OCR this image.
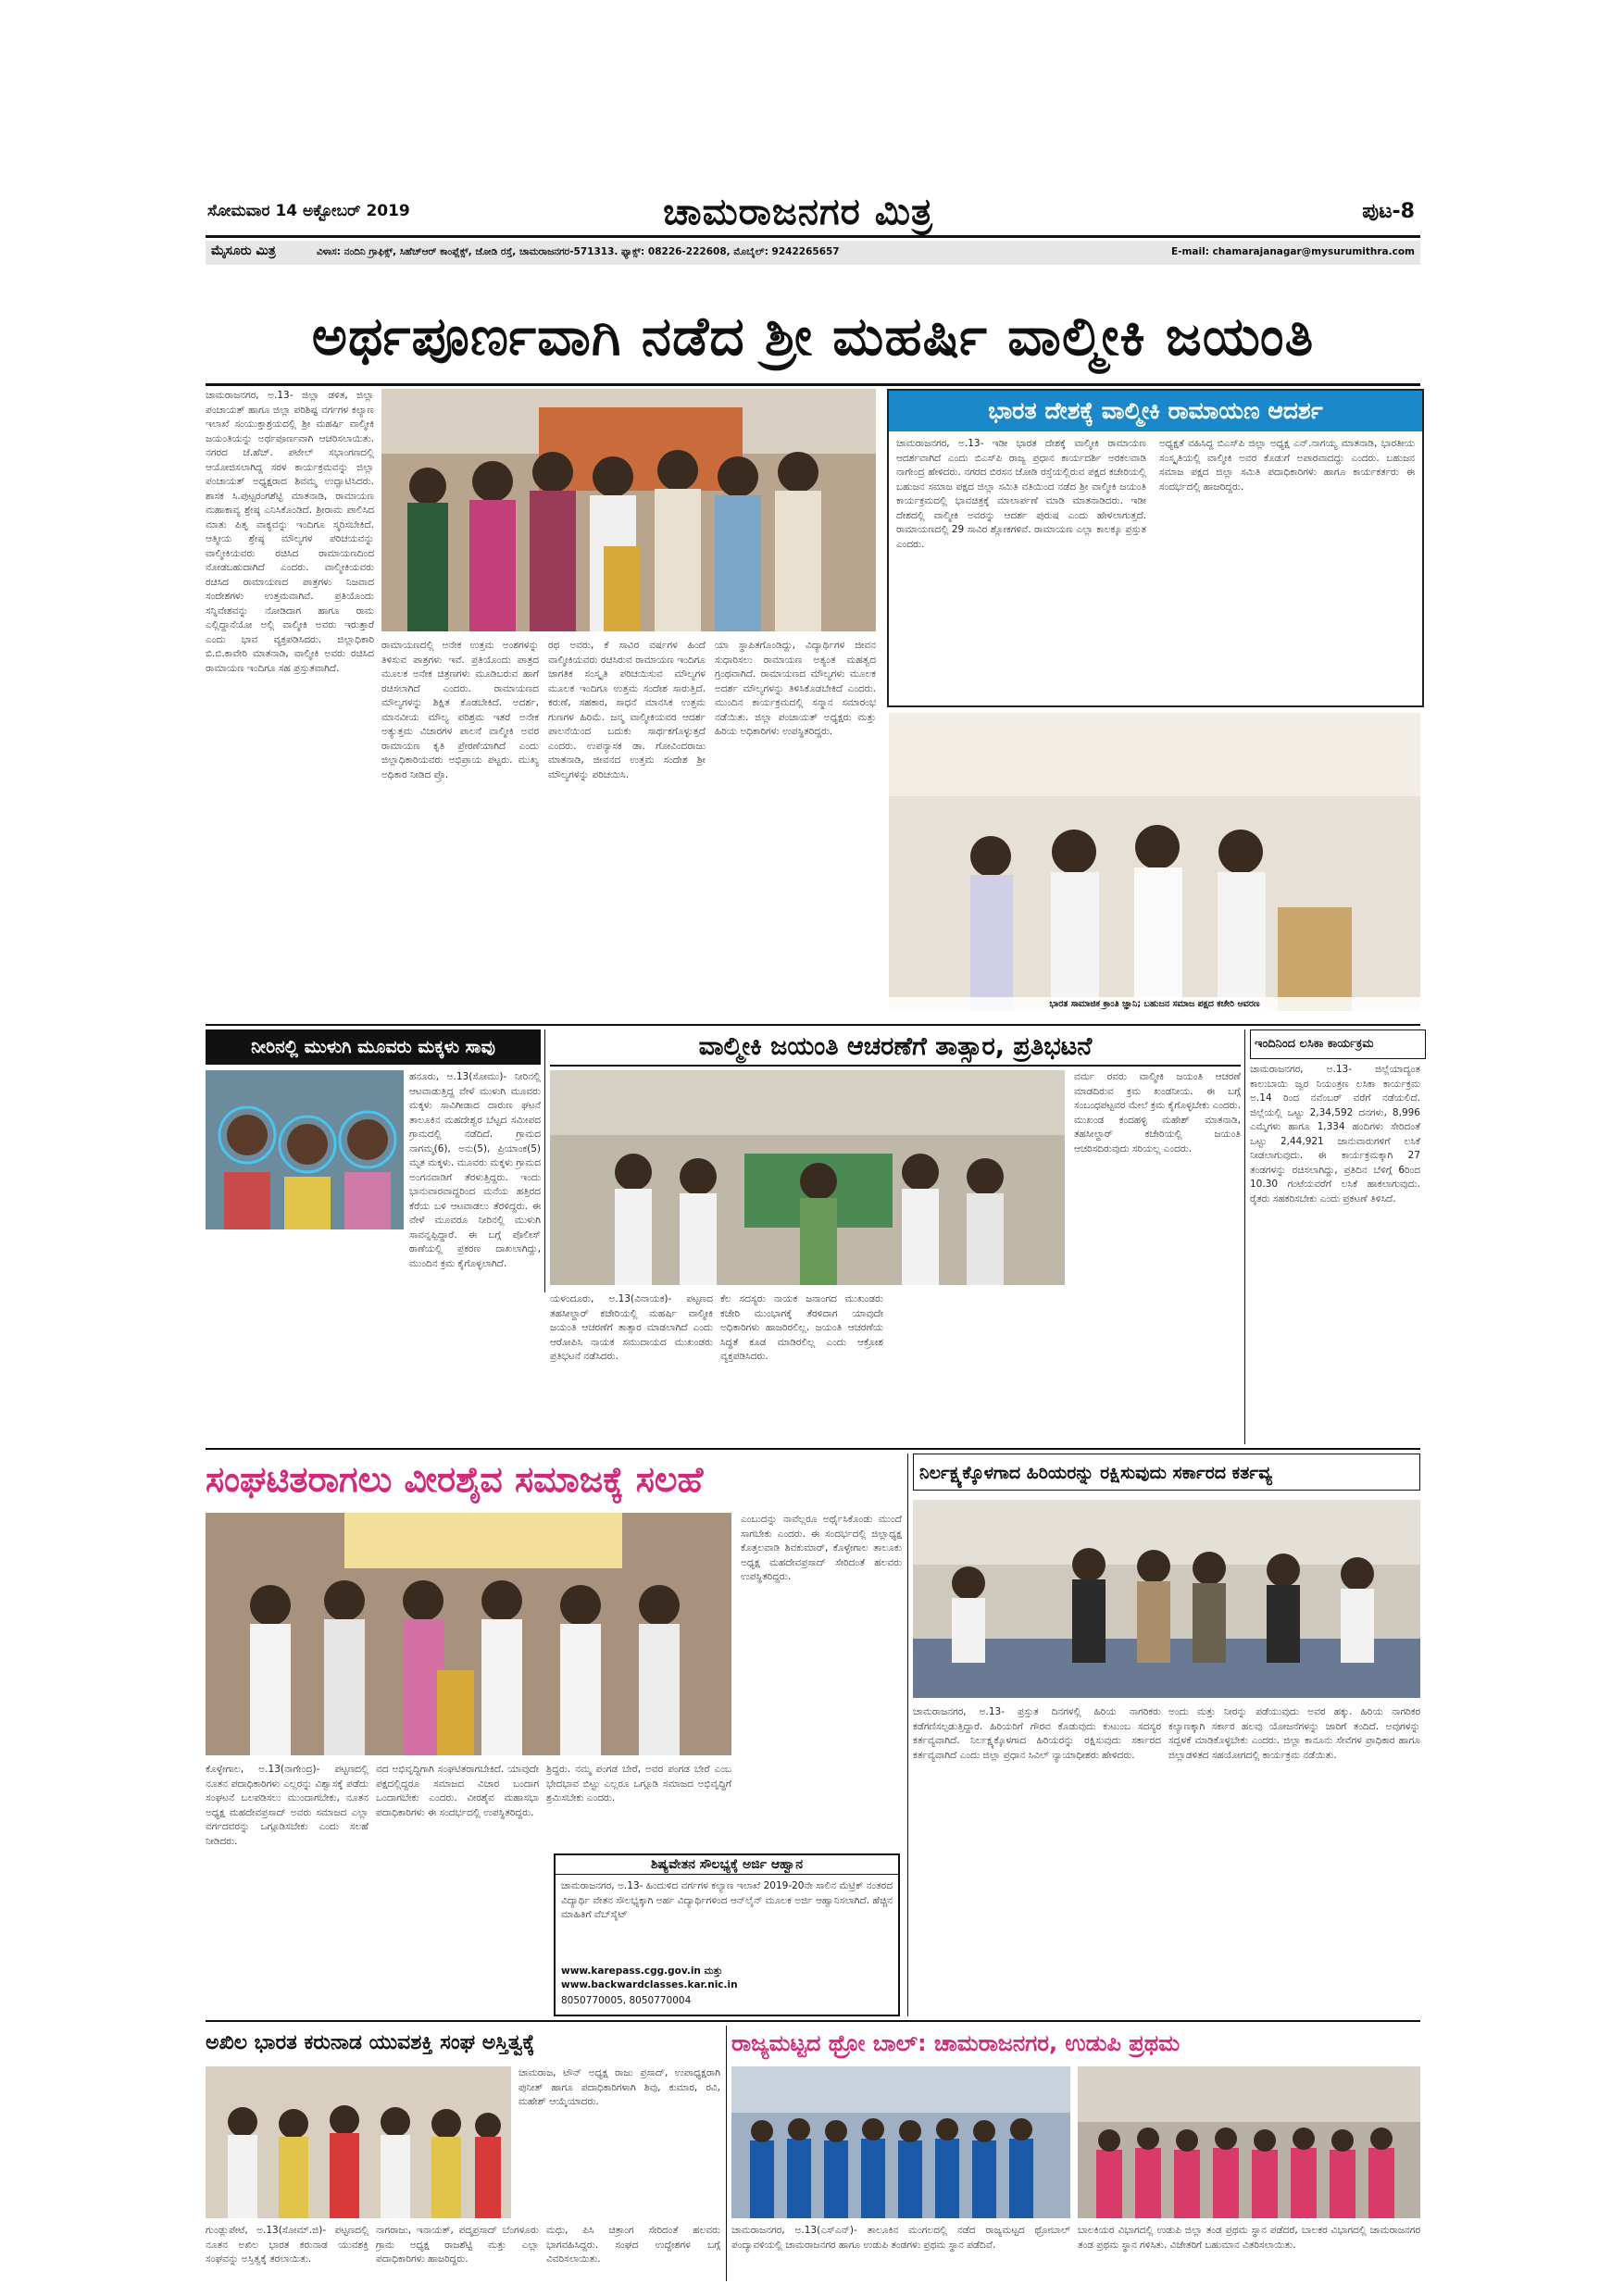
ಸೋಮವಾರ 14 ಅಕ್ಟೋಬರ್ 2019	ಚಾಮರಾಜನಗರ ಮಿತ್ರ	ಪುಟ-8
ಮೈಸೂರು ಮಿತ್ರ	ವಿಳಾಸ: ನಂದಿನಿ ಗ್ರಾಫಿಕ್ಸ್, ಸಿಹೆಚ್‌ಆರ್ ಕಾಂಪ್ಲೆಕ್ಸ್, ಜೋಡಿ ರಸ್ತೆ, ಚಾಮರಾಜನಗರ-571313. ಫ್ಯಾಕ್ಸ್: 08226-222608, ಮೊಬೈಲ್: 9242265657	E-mail: chamarajanagar@mysurumithra.com
ಅರ್ಥಪೂರ್ಣವಾಗಿ ನಡೆದ ಶ್ರೀ ಮಹರ್ಷಿ ವಾಲ್ಮೀಕಿ ಜಯಂತಿ
ಚಾಮರಾಜನಗರ, ಅ.13- ಜಿಲ್ಲಾ ಡಳಿತ, ಜಿಲ್ಲಾ ಪಂಚಾಯತ್ ಹಾಗೂ ಜಿಲ್ಲಾ ಪರಿಶಿಷ್ಟ ವರ್ಗಗಳ ಕಲ್ಯಾಣ ಇಲಾಖೆ ಸಂಯುಕ್ತಾಶ್ರಯದಲ್ಲಿ ಶ್ರೀ ಮಹರ್ಷಿ ವಾಲ್ಮೀಕಿ ಜಯಂತಿಯನ್ನು ಅರ್ಥಪೂರ್ಣವಾಗಿ ಆಚರಿಸಲಾಯಿತು. ನಗರದ ಜೆ.ಹೆಚ್. ಪಟೇಲ್ ಸಭಾಂಗಣದಲ್ಲಿ ಆಯೋಜಿಸಲಾಗಿದ್ದ ಸರಳ ಕಾರ್ಯಕ್ರಮವನ್ನು ಜಿಲ್ಲಾ ಪಂಚಾಯತ್ ಅಧ್ಯಕ್ಷರಾದ ಶಿವಮ್ಮ ಉದ್ಘಾಟಿಸಿದರು. ಶಾಸಕ ಸಿ.ಪುಟ್ಟರಂಗಶೆಟ್ಟಿ ಮಾತನಾಡಿ, ರಾಮಾಯಣ ಮಹಾಕಾವ್ಯ ಶ್ರೇಷ್ಠ ಎನಿಸಿಕೊಂಡಿದೆ. ಶ್ರೀರಾಮ ಪಾಲಿಸಿದ ಮಾತು ಪಿತೃ ವಾಕ್ಯವನ್ನು ಇಂದಿಗೂ ಸ್ಮರಿಸಬೇಕಿದೆ. ಆತ್ಮೀಯ ಶ್ರೇಷ್ಠ ಮೌಲ್ಯಗಳ ಪರಿಚಯವನ್ನು ವಾಲ್ಮೀಕಿಯವರು ರಚಿಸಿದ ರಾಮಾಯಣದಿಂದ ನೋಡಬಹುದಾಗಿದೆ ಎಂದರು. ವಾಲ್ಮೀಕಿಯವರು ರಚಿಸಿದ ರಾಮಾಯಣದ ಪಾತ್ರಗಳು ನಿಜವಾದ ಸಂದೇಶಗಳು ಉತ್ತಮವಾಗಿವೆ. ಪ್ರತಿಯೊಂದು ಸನ್ನಿವೇಶವನ್ನು ನೋಡಿದಾಗ ಹಾಗೂ ರಾಮ ಎಲ್ಲಿದ್ದಾನೆಯೋ ಅಲ್ಲಿ ವಾಲ್ಮೀಕಿ ಅವರು ಇರುತ್ತಾರೆ ಎಂದು ಭಾವ ವ್ಯಕ್ತಪಡಿಸಿದರು. ಜಿಲ್ಲಾಧಿಕಾರಿ ಬಿ.ಬಿ.ಕಾವೇರಿ ಮಾತನಾಡಿ, ವಾಲ್ಮೀಕಿ ಅವರು ರಚಿಸಿದ ರಾಮಾಯಣ ಇಂದಿಗೂ ಸಹ ಪ್ರಸ್ತುತವಾಗಿದೆ.
ರಾಮಾಯಣದಲ್ಲಿ ಅನೇಕ ಉತ್ತಮ ಅಂಶಗಳನ್ನು ತಿಳಿಸುವ ಪಾತ್ರಗಳು ಇವೆ. ಪ್ರತಿಯೊಂದು ಪಾತ್ರದ ಮೂಲಕ ಅನೇಕ ಚಿತ್ರಣಗಳು ಮೂಡಿಬರುವ ಹಾಗೆ ರಚಿಸಲಾಗಿದೆ ಎಂದರು. ರಾಮಾಯಣದ ಮೌಲ್ಯಗಳನ್ನು ಶಿಕ್ಷಿತ ಕೊಡಬೇಕಿದೆ. ಅದರ್ಶ, ಮಾನವೀಯ ಮೌಲ್ಯ ಪರಿಶ್ರಮ ಇತರೆ ಅನೇಕ ಅತ್ಯುತ್ತಮ ವಿಚಾರಗಳ ಪಾಲನೆ ವಾಲ್ಮೀಕಿ ಅವರ ರಾಮಾಯಣ ಕೃತಿ ಪ್ರೇರಣೆಯಾಗಿದೆ ಎಂದು ಜಿಲ್ಲಾಧಿಕಾರಿಯವರು ಅಭಿಪ್ರಾಯ ಪಟ್ಟರು. ಮುಖ್ಯ ಅಧಿಕಾರ ನೀಡಿದ ಪ್ರೊ.
ರಥ ಅವರು, ಕೆ ಸಾವಿರ ವರ್ಷಗಳ ಹಿಂದೆ ವಾಲ್ಮೀಕಿಯವರು ರಚಿಸಿರುವ ರಾಮಾಯಣ ಇಂದಿಗೂ ಜಾಗತಿಕ ಸಂಸ್ಕೃತಿ ಪರಿಚಯಿಸುವ ಮೌಲ್ಯಗಳ ಮೂಲಕ ಇಂದಿಗೂ ಉತ್ತಮ ಸಂದೇಶ ಸಾರುತ್ತಿದೆ. ಕರುಣೆ, ಸಹಕಾರ, ಸಾಧನೆ ಮಾನಸಿಕ ಉತ್ತಮ ಗುಣಗಳ ಹಿರಿಮೆ. ಜನ್ಮ ವಾಲ್ಮೀಕಿಯವರ ಆದರ್ಶ ಪಾಲನೆಯಿಂದ ಬದುಕು ಸಾರ್ಥಕಗೊಳ್ಳುತ್ತದೆ ಎಂದರು. ಉಪನ್ಯಾಸಕ ಡಾ. ಗೋವಿಂದರಾಜು ಮಾತನಾಡಿ, ಜೀವನದ ಉತ್ತಮ ಸಂದೇಶ ಶ್ರೀ ಮೌಲ್ಯಗಳನ್ನು ಪರಿಚಯಿಸಿ.
ಯಾ ಸ್ಥಾಪಿತಗೊಂಡಿದ್ದು, ವಿದ್ಯಾರ್ಥಿಗಳ ಜೀವನ ಸುಧಾರಿಸಲು ರಾಮಾಯಣ ಅತ್ಯಂತ ಮಹತ್ವದ ಗ್ರಂಥವಾಗಿದೆ. ರಾಮಾಯಣದ ಮೌಲ್ಯಗಳು ಮೂಲಕ ಅದರ್ಶ ಮೌಲ್ಯಗಳನ್ನು ತಿಳಿಸಿಕೊಡಬೇಕಿದೆ ಎಂದರು. ಮುಂದಿನ ಕಾರ್ಯಕ್ರಮದಲ್ಲಿ ಸನ್ಮಾನ ಸಮಾರಂಭ ನಡೆಯಿತು. ಜಿಲ್ಲಾ ಪಂಚಾಯತ್ ಅಧ್ಯಕ್ಷರು ಮತ್ತು ಹಿರಿಯ ಅಧಿಕಾರಿಗಳು ಉಪಸ್ಥಿತರಿದ್ದರು.
ಭಾರತ ದೇಶಕ್ಕೆ ವಾಲ್ಮೀಕಿ ರಾಮಾಯಣ ಆದರ್ಶ
ಚಾಮರಾಜನಗರ, ಅ.13- ಇಡೀ ಭಾರತ ದೇಶಕ್ಕೆ ವಾಲ್ಮೀಕಿ ರಾಮಾಯಣ ಆದರ್ಶವಾಗಿದೆ ಎಂದು ಬಿಎಸ್‌ಪಿ ರಾಜ್ಯ ಪ್ರಧಾನ ಕಾರ್ಯದರ್ಶಿ ಅರಕಲವಾಡಿ ನಾಗೇಂದ್ರ ಹೇಳಿದರು. ನಗರದ ಬಿರಸನ ಜೋಡಿ ರಸ್ತೆಯಲ್ಲಿರುವ ಪಕ್ಷದ ಕಚೇರಿಯಲ್ಲಿ ಬಹುಜನ ಸಮಾಜ ಪಕ್ಷದ ಜಿಲ್ಲಾ ಸಮಿತಿ ವತಿಯಿಂದ ನಡೆದ ಶ್ರೀ ವಾಲ್ಮೀಕಿ ಜಯಂತಿ ಕಾರ್ಯಕ್ರಮದಲ್ಲಿ ಭಾವಚಿತ್ರಕ್ಕೆ ಮಾಲಾರ್ಪಣೆ ಮಾಡಿ ಮಾತನಾಡಿದರು. ಇಡೀ ದೇಶದಲ್ಲಿ ವಾಲ್ಮೀಕಿ ಅವರನ್ನು ಆದರ್ಶ ಪುರುಷ ಎಂದು ಹೇಳಲಾಗುತ್ತದೆ. ರಾಮಾಯಣದಲ್ಲಿ 29 ಸಾವಿರ ಶ್ಲೋಕಗಳಿವೆ. ರಾಮಾಯಣ ಎಲ್ಲಾ ಕಾಲಕ್ಕೂ ಪ್ರಸ್ತುತ ಎಂದರು.
ಅಧ್ಯಕ್ಷತೆ ವಹಿಸಿದ್ದ ಬಿಎಸ್‌ಪಿ ಜಿಲ್ಲಾ ಅಧ್ಯಕ್ಷ ಎನ್.ನಾಗಯ್ಯ ಮಾತನಾಡಿ, ಭಾರತೀಯ ಸಂಸ್ಕೃತಿಯಲ್ಲಿ ವಾಲ್ಮೀಕಿ ಅವರ ಕೊಡುಗೆ ಅಪಾರವಾದದ್ದು ಎಂದರು. ಬಹುಜನ ಸಮಾಜ ಪಕ್ಷದ ಜಿಲ್ಲಾ ಸಮಿತಿ ಪದಾಧಿಕಾರಿಗಳು ಹಾಗೂ ಕಾರ್ಯಕರ್ತರು ಈ ಸಂದರ್ಭದಲ್ಲಿ ಹಾಜರಿದ್ದರು.
ಭಾರತ ಸಾಮಾಜಿಕ ಕ್ರಾಂತಿ ಜ್ಞಾನಿ; ಬಹುಜನ ಸಮಾಜ ಪಕ್ಷದ ಕಚೇರಿ ಆವರಣ
ನೀರಿನಲ್ಲಿ ಮುಳುಗಿ ಮೂವರು ಮಕ್ಕಳು ಸಾವು
ಹನೂರು, ಅ.13(ಸೋಮು)- ನೀರಿನಲ್ಲಿ ಆಟವಾಡುತ್ತಿದ್ದ ವೇಳೆ ಮುಳುಗಿ ಮೂವರು ಮಕ್ಕಳು ಸಾವಿಗೀಡಾದ ದಾರುಣ ಘಟನೆ ತಾಲೂಕಿನ ಮಹದೇಶ್ವರ ಬೆಟ್ಟದ ಸಮೀಪದ ಗ್ರಾಮದಲ್ಲಿ ನಡೆದಿದೆ. ಗ್ರಾಮದ ನಾಗಮ್ಮ(6), ಅನು(5), ಪ್ರಿಯಾಂಕ(5) ಮೃತ ಮಕ್ಕಳು. ಮೂವರು ಮಕ್ಕಳು ಗ್ರಾಮದ ಅಂಗನವಾಡಿಗೆ ತೆರಳುತ್ತಿದ್ದರು. ಇಂದು ಭಾನುವಾರವಾದ್ದರಿಂದ ಮನೆಯ ಹತ್ತಿರದ ಕೆರೆಯ ಬಳಿ ಆಟವಾಡಲು ತೆರಳಿದ್ದರು. ಈ ವೇಳೆ ಮೂವರೂ ನೀರಿನಲ್ಲಿ ಮುಳುಗಿ ಸಾವನ್ನಪ್ಪಿದ್ದಾರೆ. ಈ ಬಗ್ಗೆ ಪೊಲೀಸ್ ಠಾಣೆಯಲ್ಲಿ ಪ್ರಕರಣ ದಾಖಲಾಗಿದ್ದು, ಮುಂದಿನ ಕ್ರಮ ಕೈಗೊಳ್ಳಲಾಗಿದೆ.
ವಾಲ್ಮೀಕಿ ಜಯಂತಿ ಆಚರಣೆಗೆ ತಾತ್ಸಾರ, ಪ್ರತಿಭಟನೆ
ವರ್ಮ ರವರು ವಾಲ್ಮೀಕಿ ಜಯಂತಿ ಆಚರಣೆ ಮಾಡದಿರುವ ಕ್ರಮ ಖಂಡನೀಯ. ಈ ಬಗ್ಗೆ ಸಂಬಂಧಪಟ್ಟವರ ಮೇಲೆ ಕ್ರಮ ಕೈಗೊಳ್ಳಬೇಕು ಎಂದರು. ಮುಖಂಡ ಕಂದಹಳ್ಳಿ ಮಹೇಶ್ ಮಾತನಾಡಿ, ತಹಸೀಲ್ದಾರ್ ಕಚೇರಿಯಲ್ಲಿ ಜಯಂತಿ ಆಚರಿಸದಿರುವುದು ಸರಿಯಲ್ಲ ಎಂದರು.
ಯಳಂದೂರು, ಅ.13(ವಿನಾಯಕ)- ಪಟ್ಟಣದ ತಹಸೀಲ್ದಾರ್ ಕಚೇರಿಯಲ್ಲಿ ಮಹರ್ಷಿ ವಾಲ್ಮೀಕಿ ಜಯಂತಿ ಆಚರಣೆಗೆ ತಾತ್ಸಾರ ಮಾಡಲಾಗಿದೆ ಎಂದು ಆರೋಪಿಸಿ ನಾಯಕ ಸಮುದಾಯದ ಮುಖಂಡರು ಪ್ರತಿಭಟನೆ ನಡೆಸಿದರು.
ಕೆಲ ಸದಸ್ಯರು ನಾಯಕ ಜನಾಂಗದ ಮುಖಂಡರು ಕಚೇರಿ ಮುಂಭಾಗಕ್ಕೆ ತೆರಳಿದಾಗ ಯಾವುದೇ ಅಧಿಕಾರಿಗಳು ಹಾಜರಿರಲಿಲ್ಲ. ಜಯಂತಿ ಆಚರಣೆಯ ಸಿದ್ಧತೆ ಕೂಡ ಮಾಡಿರಲಿಲ್ಲ ಎಂದು ಆಕ್ರೋಶ ವ್ಯಕ್ತಪಡಿಸಿದರು.
ಇಂದಿನಿಂದ ಲಸಿಕಾ ಕಾರ್ಯಕ್ರಮ
ಚಾಮರಾಜನಗರ, ಅ.13- ಜಿಲ್ಲೆಯಾದ್ಯಂತ ಕಾಲುಬಾಯಿ ಜ್ವರ ನಿಯಂತ್ರಣ ಲಸಿಕಾ ಕಾರ್ಯಕ್ರಮ ಅ.14 ರಿಂದ ನವೆಂಬರ್ ವರೆಗೆ ನಡೆಯಲಿದೆ. ಜಿಲ್ಲೆಯಲ್ಲಿ ಒಟ್ಟು 2,34,592 ದನಗಳು, 8,996 ಎಮ್ಮೆಗಳು ಹಾಗೂ 1,334 ಹಂದಿಗಳು ಸೇರಿದಂತೆ ಒಟ್ಟು 2,44,921 ಜಾನುವಾರುಗಳಿಗೆ ಲಸಿಕೆ ನೀಡಲಾಗುವುದು. ಈ ಕಾರ್ಯಕ್ರಮಕ್ಕಾಗಿ 27 ತಂಡಗಳನ್ನು ರಚಿಸಲಾಗಿದ್ದು, ಪ್ರತಿದಿನ ಬೆಳಿಗ್ಗೆ 6ರಿಂದ 10.30 ಗಂಟೆಯವರೆಗೆ ಲಸಿಕೆ ಹಾಕಲಾಗುವುದು. ರೈತರು ಸಹಕರಿಸಬೇಕು ಎಂದು ಪ್ರಕಟಣೆ ತಿಳಿಸಿದೆ.
ಸಂಘಟಿತರಾಗಲು ವೀರಶೈವ ಸಮಾಜಕ್ಕೆ ಸಲಹೆ
ಎಂಬುದನ್ನು ನಾವೆಲ್ಲರೂ ಅರ್ಥೈಸಿಕೊಂಡು ಮುಂದೆ ಸಾಗಬೇಕು ಎಂದರು. ಈ ಸಂದರ್ಭದಲ್ಲಿ ಜಿಲ್ಲಾಧ್ಯಕ್ಷ ಕೊತ್ತಲವಾಡಿ ಶಿವಕುಮಾರ್, ಕೊಳ್ಳೇಗಾಲ ತಾಲೂಕು ಅಧ್ಯಕ್ಷ ಮಹದೇವಪ್ರಸಾದ್ ಸೇರಿದಂತೆ ಹಲವರು ಉಪಸ್ಥಿತರಿದ್ದರು.
ಕೊಳ್ಳೇಗಾಲ, ಅ.13(ನಾಗೇಂದ್ರ)- ಪಟ್ಟಣದಲ್ಲಿ ನೂತನ ಪದಾಧಿಕಾರಿಗಳು ಎಲ್ಲರನ್ನು ವಿಶ್ವಾಸಕ್ಕೆ ಪಡೆದು ಸಂಘಟನೆ ಬಲಪಡಿಸಲು ಮುಂದಾಗಬೇಕು, ನೂತನ ಅಧ್ಯಕ್ಷ ಮಹದೇವಪ್ರಸಾದ್ ಅವರು ಸಮಾಜದ ಎಲ್ಲಾ ವರ್ಗದವರನ್ನು ಒಗ್ಗೂಡಿಸಬೇಕು ಎಂದು ಸಲಹೆ ನೀಡಿದರು.
ವದ ಅಭಿವೃದ್ಧಿಗಾಗಿ ಸಂಘಟಿತರಾಗಬೇಕಿದೆ. ಯಾವುದೇ ಪಕ್ಷದಲ್ಲಿದ್ದರೂ ಸಮಾಜದ ವಿಚಾರ ಬಂದಾಗ ಒಂದಾಗಬೇಕು ಎಂದರು. ವೀರಶೈವ ಮಹಾಸಭಾ ಪದಾಧಿಕಾರಿಗಳು ಈ ಸಂದರ್ಭದಲ್ಲಿ ಉಪಸ್ಥಿತರಿದ್ದರು.
ಶ್ರಿದ್ದರು. ನಮ್ಮ ಪಂಗಡ ಬೇರೆ, ಅವರ ಪಂಗಡ ಬೇರೆ ಎಂಬ ಭೇದಭಾವ ಬಿಟ್ಟು ಎಲ್ಲರೂ ಒಗ್ಗೂಡಿ ಸಮಾಜದ ಅಭಿವೃದ್ಧಿಗೆ ಶ್ರಮಿಸಬೇಕು ಎಂದರು.
ಶಿಷ್ಯವೇತನ ಸೌಲಭ್ಯಕ್ಕೆ ಅರ್ಜಿ ಆಹ್ವಾನ
ಚಾಮರಾಜನಗರ, ಅ.13- ಹಿಂದುಳಿದ ವರ್ಗಗಳ ಕಲ್ಯಾಣ ಇಲಾಖೆ 2019-20ನೇ ಸಾಲಿನ ಮೆಟ್ರಿಕ್ ನಂತರದ ವಿದ್ಯಾರ್ಥಿ ವೇತನ ಸೌಲಭ್ಯಕ್ಕಾಗಿ ಅರ್ಹ ವಿದ್ಯಾರ್ಥಿಗಳಿಂದ ಆನ್‌ಲೈನ್ ಮೂಲಕ ಅರ್ಜಿ ಆಹ್ವಾನಿಸಲಾಗಿದೆ. ಹೆಚ್ಚಿನ ಮಾಹಿತಿಗೆ ವೆಬ್‌ಸೈಟ್
www.karepass.cgg.gov.in ಮತ್ತು www.backwardclasses.kar.nic.in
8050770005, 8050770004
ನಿರ್ಲಕ್ಷ್ಯಕ್ಕೊಳಗಾದ ಹಿರಿಯರನ್ನು ರಕ್ಷಿಸುವುದು ಸರ್ಕಾರದ ಕರ್ತವ್ಯ
ಚಾಮರಾಜನಗರ, ಅ.13- ಪ್ರಸ್ತುತ ದಿನಗಳಲ್ಲಿ ಹಿರಿಯ ನಾಗರಿಕರು ಕಡೆಗಣಿಸಲ್ಪಡುತ್ತಿದ್ದಾರೆ. ಹಿರಿಯರಿಗೆ ಗೌರವ ಕೊಡುವುದು ಕುಟುಂಬ ಸದಸ್ಯರ ಕರ್ತವ್ಯವಾಗಿದೆ. ನಿರ್ಲಕ್ಷ್ಯಕ್ಕೊಳಗಾದ ಹಿರಿಯರನ್ನು ರಕ್ಷಿಸುವುದು ಸರ್ಕಾರದ ಕರ್ತವ್ಯವಾಗಿದೆ ಎಂದು ಜಿಲ್ಲಾ ಪ್ರಧಾನ ಸಿವಿಲ್ ನ್ಯಾಯಾಧೀಶರು ಹೇಳಿದರು.
ಅಂದು ಮತ್ತು ನೀರನ್ನು ಪಡೆಯುವುದು ಅವರ ಹಕ್ಕು. ಹಿರಿಯ ನಾಗರಿಕರ ಕಲ್ಯಾಣಕ್ಕಾಗಿ ಸರ್ಕಾರ ಹಲವು ಯೋಜನೆಗಳನ್ನು ಜಾರಿಗೆ ತಂದಿದೆ. ಅವುಗಳನ್ನು ಸದ್ಬಳಕೆ ಮಾಡಿಕೊಳ್ಳಬೇಕು ಎಂದರು. ಜಿಲ್ಲಾ ಕಾನೂನು ಸೇವೆಗಳ ಪ್ರಾಧಿಕಾರ ಹಾಗೂ ಜಿಲ್ಲಾಡಳಿತದ ಸಹಯೋಗದಲ್ಲಿ ಕಾರ್ಯಕ್ರಮ ನಡೆಯಿತು.
ಅಖಿಲ ಭಾರತ ಕರುನಾಡ ಯುವಶಕ್ತಿ ಸಂಘ ಅಸ್ತಿತ್ವಕ್ಕೆ
ಚಾಮರಾಜ, ಟೌನ್ ಅಧ್ಯಕ್ಷ ರಾಜು ಪ್ರಸಾದ್, ಉಪಾಧ್ಯಕ್ಷರಾಗಿ ಪುನೀತ್ ಹಾಗೂ ಪದಾಧಿಕಾರಿಗಳಾಗಿ ಶಿವು, ಕುಮಾರ, ರವಿ, ಮಹೇಶ್ ಆಯ್ಕೆಯಾದರು.
ಗುಂಡ್ಲುಪೇಟೆ, ಅ.13(ಸೋಮ್.ಜಿ)- ಪಟ್ಟಣದಲ್ಲಿ ನೂತನ ಅಖಿಲ ಭಾರತ ಕರುನಾಡ ಯುವಶಕ್ತಿ ಸಂಘವನ್ನು ಅಸ್ತಿತ್ವಕ್ಕೆ ತರಲಾಯಿತು.
ನಾಗರಾಜು, ಇನಾಯತ್, ಪದ್ಮಪ್ರಸಾದ್ ಬೆಂಗಳೂರು ಗ್ರಾಮ ಅಧ್ಯಕ್ಷ ರಾಜಶೆಟ್ಟಿ ಮತ್ತು ಎಲ್ಲಾ ಪದಾಧಿಕಾರಿಗಳು ಹಾಜರಿದ್ದರು.
ಮಧು, ಪಿಸಿ ಚಿತ್ರಾಂಗ ಸೇರಿದಂತೆ ಹಲವರು ಭಾಗವಹಿಸಿದ್ದರು. ಸಂಘದ ಉದ್ದೇಶಗಳ ಬಗ್ಗೆ ವಿವರಿಸಲಾಯಿತು.
ರಾಜ್ಯಮಟ್ಟದ ಥ್ರೋ ಬಾಲ್: ಚಾಮರಾಜನಗರ, ಉಡುಪಿ ಪ್ರಥಮ
ಚಾಮರಾಜನಗರ, ಅ.13(ಎಸ್‌ಎನ್)- ತಾಲೂಕಿನ ಮಂಗಲದಲ್ಲಿ ನಡೆದ ರಾಜ್ಯಮಟ್ಟದ ಥ್ರೋಬಾಲ್ ಪಂದ್ಯಾವಳಿಯಲ್ಲಿ ಚಾಮರಾಜನಗರ ಹಾಗೂ ಉಡುಪಿ ತಂಡಗಳು ಪ್ರಥಮ ಸ್ಥಾನ ಪಡೆದಿವೆ.
ಬಾಲಕಿಯರ ವಿಭಾಗದಲ್ಲಿ ಉಡುಪಿ ಜಿಲ್ಲಾ ತಂಡ ಪ್ರಥಮ ಸ್ಥಾನ ಪಡೆದರೆ, ಬಾಲಕರ ವಿಭಾಗದಲ್ಲಿ ಚಾಮರಾಜನಗರ ತಂಡ ಪ್ರಥಮ ಸ್ಥಾನ ಗಳಿಸಿತು. ವಿಜೇತರಿಗೆ ಬಹುಮಾನ ವಿತರಿಸಲಾಯಿತು.
